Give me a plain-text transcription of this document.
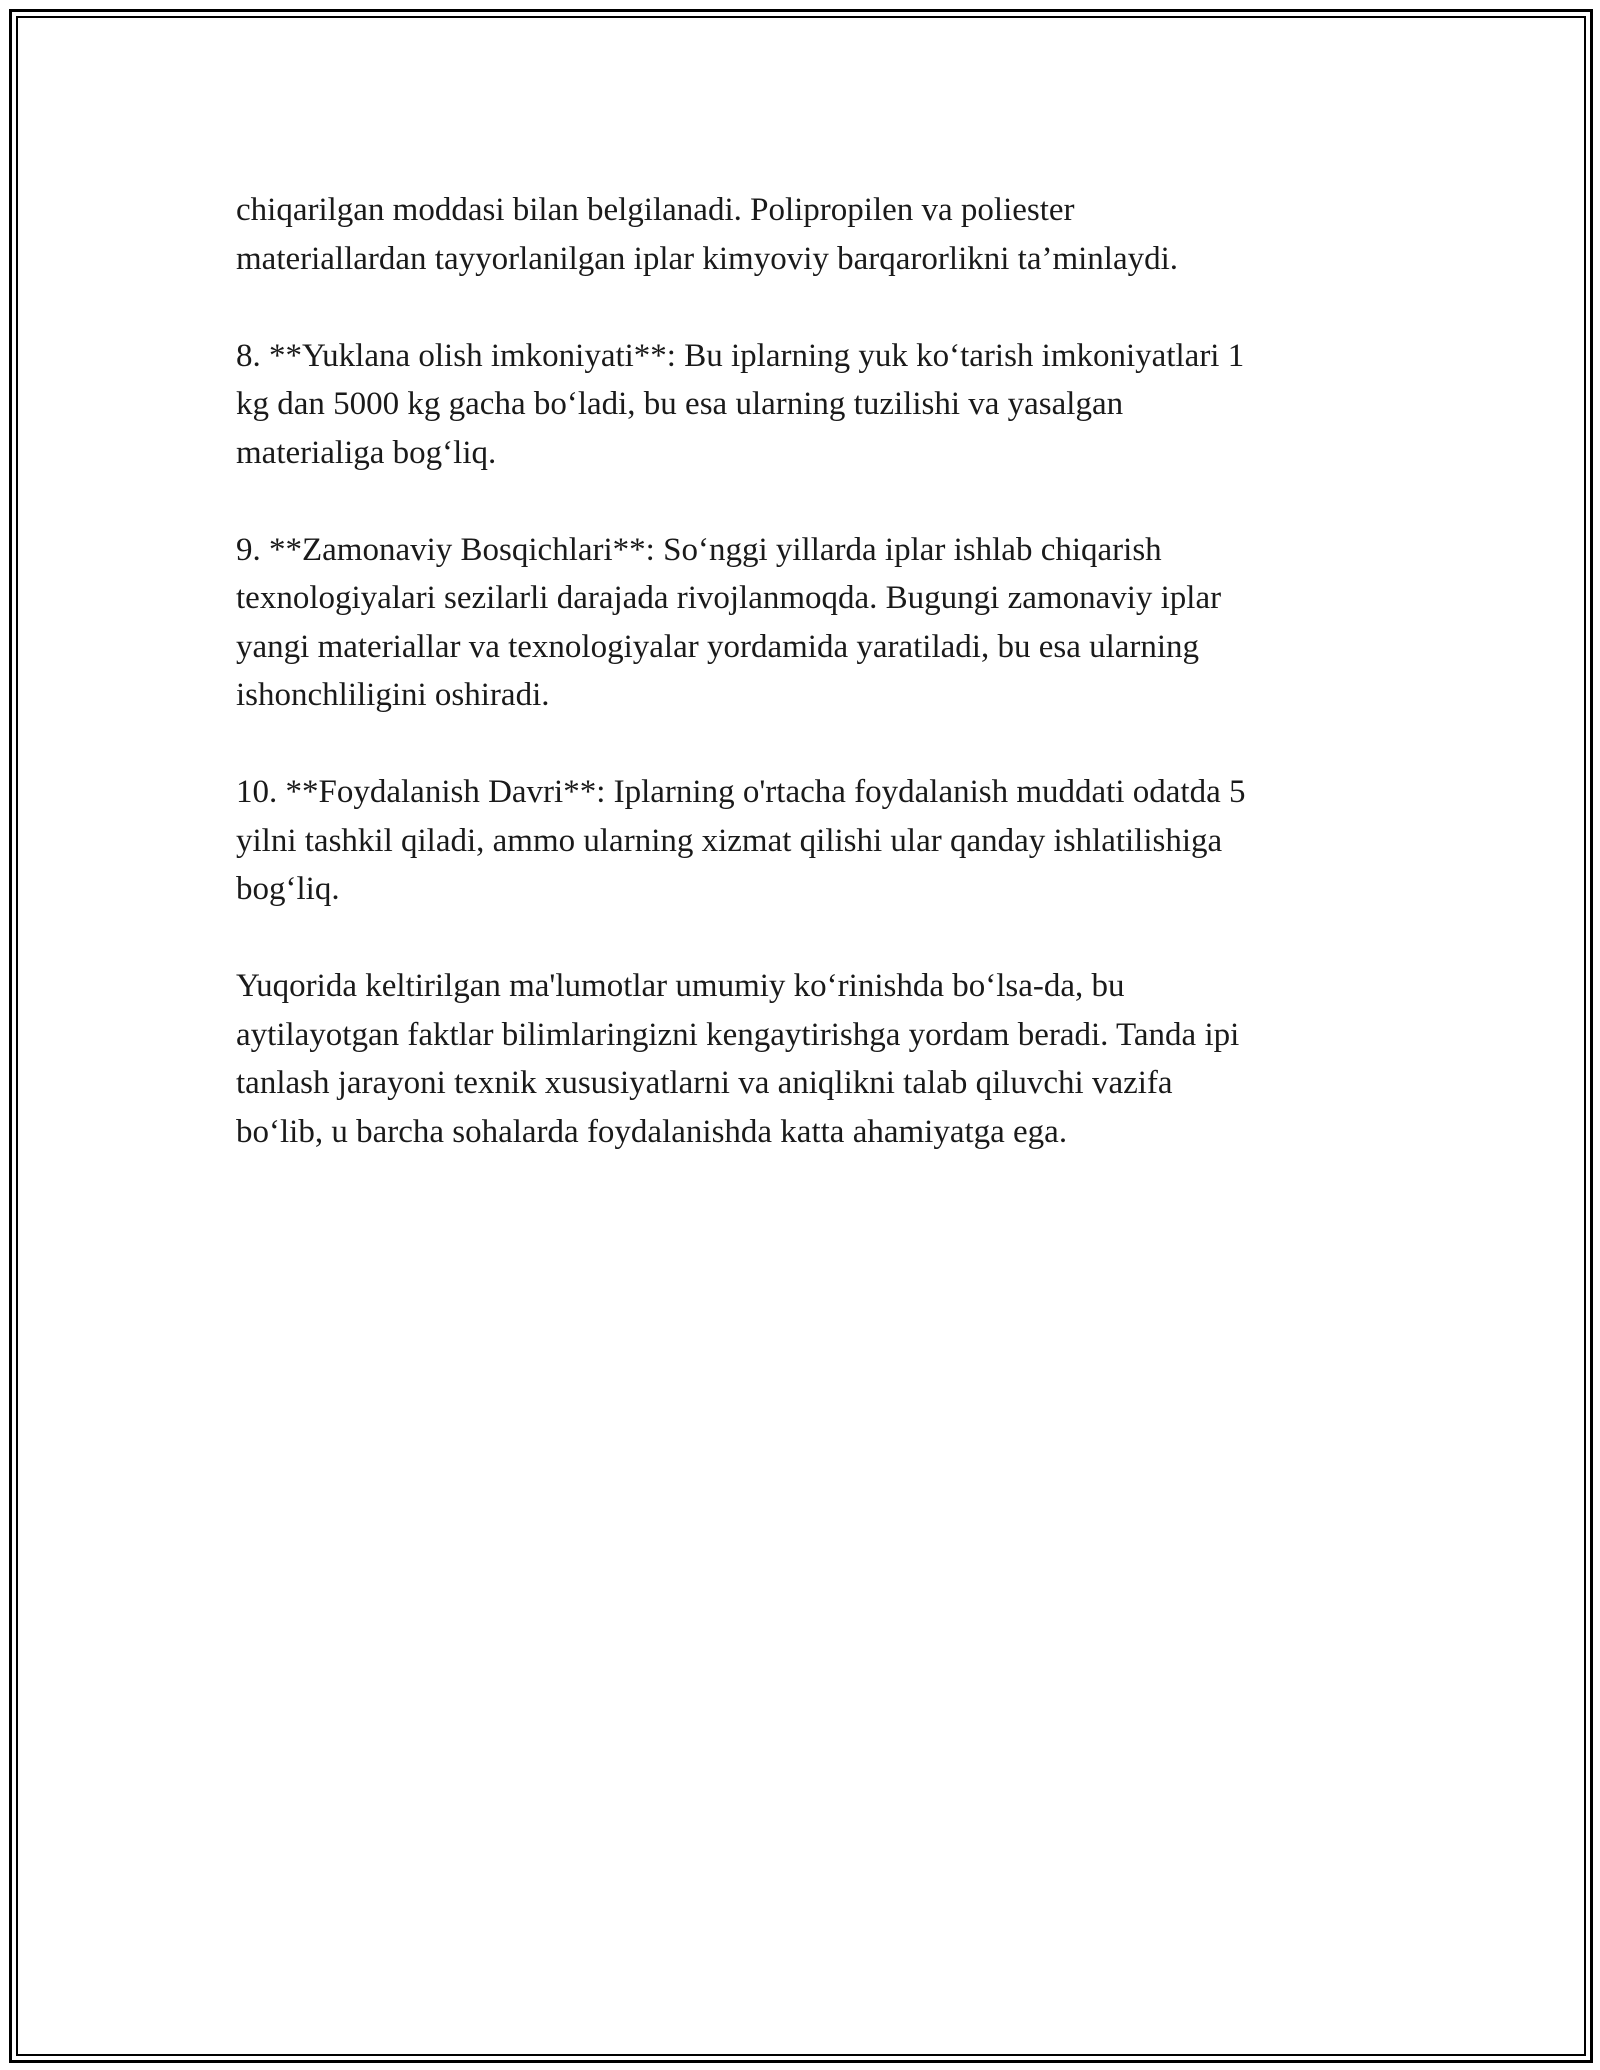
chiqarilgan moddasi bilan belgilanadi. Polipropilen va poliester
materiallardan tayyorlanilgan iplar kimyoviy barqarorlikni ta’minlaydi.

8. **Yuklana olish imkoniyati**: Bu iplarning yuk koʻtarish imkoniyatlari 1
kg dan 5000 kg gacha boʻladi, bu esa ularning tuzilishi va yasalgan
materialiga bogʻliq.

9. **Zamonaviy Bosqichlari**: Soʻnggi yillarda iplar ishlab chiqarish
texnologiyalari sezilarli darajada rivojlanmoqda. Bugungi zamonaviy iplar
yangi materiallar va texnologiyalar yordamida yaratiladi, bu esa ularning
ishonchliligini oshiradi.

10. **Foydalanish Davri**: Iplarning o'rtacha foydalanish muddati odatda 5
yilni tashkil qiladi, ammo ularning xizmat qilishi ular qanday ishlatilishiga
bogʻliq.

Yuqorida keltirilgan ma'lumotlar umumiy koʻrinishda boʻlsa-da, bu
aytilayotgan faktlar bilimlaringizni kengaytirishga yordam beradi. Tanda ipi
tanlash jarayoni texnik xususiyatlarni va aniqlikni talab qiluvchi vazifa
boʻlib, u barcha sohalarda foydalanishda katta ahamiyatga ega.
